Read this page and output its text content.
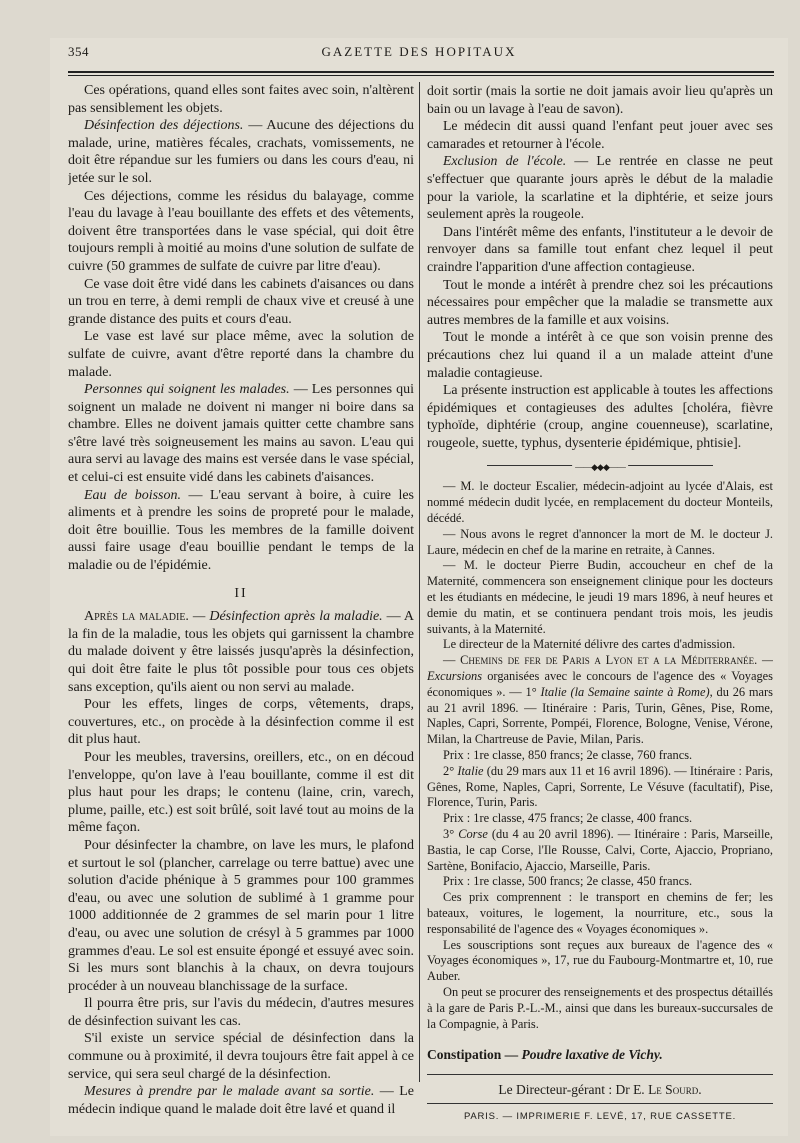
354	GAZETTE DES HOPITAUX

Ces opérations, quand elles sont faites avec soin, n'altèrent pas sensiblement les objets.

Désinfection des déjections. — Aucune des déjections du malade, urine, matières fécales, crachats, vomissements, ne doit être répandue sur les fumiers ou dans les cours d'eau, ni jetée sur le sol.

Ces déjections, comme les résidus du balayage, comme l'eau du lavage à l'eau bouillante des effets et des vêtements, doivent être transportées dans le vase spécial, qui doit être toujours rempli à moitié au moins d'une solution de sulfate de cuivre (50 grammes de sulfate de cuivre par litre d'eau).

Ce vase doit être vidé dans les cabinets d'aisances ou dans un trou en terre, à demi rempli de chaux vive et creusé à une grande distance des puits et cours d'eau.

Le vase est lavé sur place même, avec la solution de sulfate de cuivre, avant d'être reporté dans la chambre du malade.

Personnes qui soignent les malades. — Les personnes qui soignent un malade ne doivent ni manger ni boire dans sa chambre. Elles ne doivent jamais quitter cette chambre sans s'être lavé très soigneusement les mains au savon. L'eau qui aura servi au lavage des mains est versée dans le vase spécial, et celui-ci est ensuite vidé dans les cabinets d'aisances.

Eau de boisson. — L'eau servant à boire, à cuire les aliments et à prendre les soins de propreté pour le malade, doit être bouillie. Tous les membres de la famille doivent aussi faire usage d'eau bouillie pendant le temps de la maladie ou de l'épidémie.

II

Après la maladie. — Désinfection après la maladie. — A la fin de la maladie, tous les objets qui garnissent la chambre du malade doivent y être laissés jusqu'après la désinfection, qui doit être faite le plus tôt possible pour tous ces objets sans exception, qu'ils aient ou non servi au malade.

Pour les effets, linges de corps, vêtements, draps, couvertures, etc., on procède à la désinfection comme il est dit plus haut.

Pour les meubles, traversins, oreillers, etc., on en découd l'enveloppe, qu'on lave à l'eau bouillante, comme il est dit plus haut pour les draps; le contenu (laine, crin, varech, plume, paille, etc.) est soit brûlé, soit lavé tout au moins de la même façon.

Pour désinfecter la chambre, on lave les murs, le plafond et surtout le sol (plancher, carrelage ou terre battue) avec une solution d'acide phénique à 5 grammes pour 100 grammes d'eau, ou avec une solution de sublimé à 1 gramme pour 1000 additionnée de 2 grammes de sel marin pour 1 litre d'eau, ou avec une solution de crésyl à 5 grammes par 1000 grammes d'eau. Le sol est ensuite épongé et essuyé avec soin. Si les murs sont blanchis à la chaux, on devra toujours procéder à un nouveau blanchissage de la surface.

Il pourra être pris, sur l'avis du médecin, d'autres mesures de désinfection suivant les cas.

S'il existe un service spécial de désinfection dans la commune ou à proximité, il devra toujours être fait appel à ce service, qui sera seul chargé de la désinfection.

Mesures à prendre par le malade avant sa sortie. — Le médecin indique quand le malade doit être lavé et quand il

doit sortir (mais la sortie ne doit jamais avoir lieu qu'après un bain ou un lavage à l'eau de savon).

Le médecin dit aussi quand l'enfant peut jouer avec ses camarades et retourner à l'école.

Exclusion de l'école. — Le rentrée en classe ne peut s'effectuer que quarante jours après le début de la maladie pour la variole, la scarlatine et la diphtérie, et seize jours seulement après la rougeole.

Dans l'intérêt même des enfants, l'instituteur a le devoir de renvoyer dans sa famille tout enfant chez lequel il peut craindre l'apparition d'une affection contagieuse.

Tout le monde a intérêt à prendre chez soi les précautions nécessaires pour empêcher que la maladie se transmette aux autres membres de la famille et aux voisins.

Tout le monde a intérêt à ce que son voisin prenne des précautions chez lui quand il a un malade atteint d'une maladie contagieuse.

La présente instruction est applicable à toutes les affections épidémiques et contagieuses des adultes [choléra, fièvre typhoïde, diphtérie (croup, angine couenneuse), scarlatine, rougeole, suette, typhus, dysenterie épidémique, phtisie].

——◆◆◆——

— M. le docteur Escalier, médecin-adjoint au lycée d'Alais, est nommé médecin dudit lycée, en remplacement du docteur Monteils, décédé.

— Nous avons le regret d'annoncer la mort de M. le docteur J. Laure, médecin en chef de la marine en retraite, à Cannes.

— M. le docteur Pierre Budin, accoucheur en chef de la Maternité, commencera son enseignement clinique pour les docteurs et les étudiants en médecine, le jeudi 19 mars 1896, à neuf heures et demie du matin, et se continuera pendant trois mois, les jeudis suivants, à la Maternité.

Le directeur de la Maternité délivre des cartes d'admission.

— Chemins de fer de Paris a Lyon et a la Méditerranée. — Excursions organisées avec le concours de l'agence des « Voyages économiques ». — 1° Italie (la Semaine sainte à Rome), du 26 mars au 21 avril 1896. — Itinéraire : Paris, Turin, Gênes, Pise, Rome, Naples, Capri, Sorrente, Pompéi, Florence, Bologne, Venise, Vérone, Milan, la Chartreuse de Pavie, Milan, Paris.

Prix : 1re classe, 850 francs; 2e classe, 760 francs.

2° Italie (du 29 mars aux 11 et 16 avril 1896). — Itinéraire : Paris, Gênes, Rome, Naples, Capri, Sorrente, Le Vésuve (facultatif), Pise, Florence, Turin, Paris.

Prix : 1re classe, 475 francs; 2e classe, 400 francs.

3° Corse (du 4 au 20 avril 1896). — Itinéraire : Paris, Marseille, Bastia, le cap Corse, l'Ile Rousse, Calvi, Corte, Ajaccio, Propriano, Sartène, Bonifacio, Ajaccio, Marseille, Paris.

Prix : 1re classe, 500 francs; 2e classe, 450 francs.

Ces prix comprennent : le transport en chemins de fer; les bateaux, voitures, le logement, la nourriture, etc., sous la responsabilité de l'agence des « Voyages économiques ».

Les souscriptions sont reçues aux bureaux de l'agence des « Voyages économiques », 17, rue du Faubourg-Montmartre et, 10, rue Auber.

On peut se procurer des renseignements et des prospectus détaillés à la gare de Paris P.-L.-M., ainsi que dans les bureaux-succursales de la Compagnie, à Paris.

Constipation — Poudre laxative de Vichy.

Le Directeur-gérant : Dr E. Le Sourd.
PARIS. — IMPRIMERIE F. LEVÉ, 17, RUE CASSETTE.
